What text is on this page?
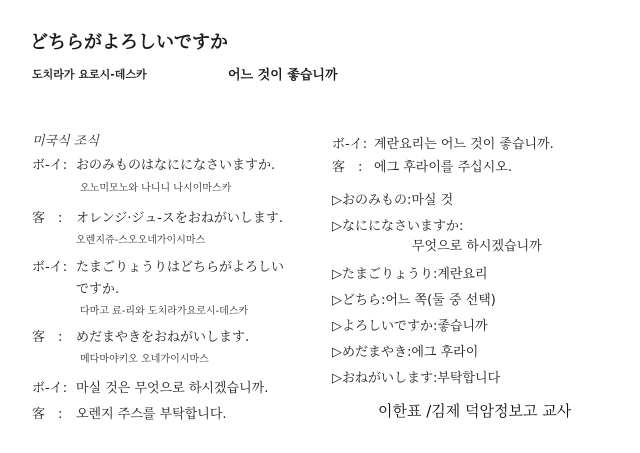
どちらがよろしいですか
도치라가 요로시-데스카	어느 것이 좋습니까
미국식 조식
ボ-イ: おのみものはなにになさいますか.
오노미모노와 나니니 나시이마스카
客　: オレンジ·ジュ-スをおねがいします.
오렌지쥬-스오오네가이시마스
ボ-イ: たまごりょうりはどちらがよろしい
ですか.
다마고 료-리와 도치라가요로시-데스카
客　: めだまやきをおねがいします.
메다마야키오 오네가이시마스
ボ-イ: 마실 것은 무엇으로 하시겠습니까.
客　: 오렌지 주스를 부탁합니다.
ボ-イ: 계란요리는 어느 것이 좋습니까.
客　: 에그 후라이를 주십시오.
▷おのみもの:마실 것
▷なにになさいますか:
무엇으로 하시겠습니까
▷たまごりょうり:계란요리
▷どちら:어느 쪽(둘 중 선택)
▷よろしいですか:좋습니까
▷めだまやき:에그 후라이
▷おねがいします:부탁합니다
이한표 /김제 덕암정보고 교사
